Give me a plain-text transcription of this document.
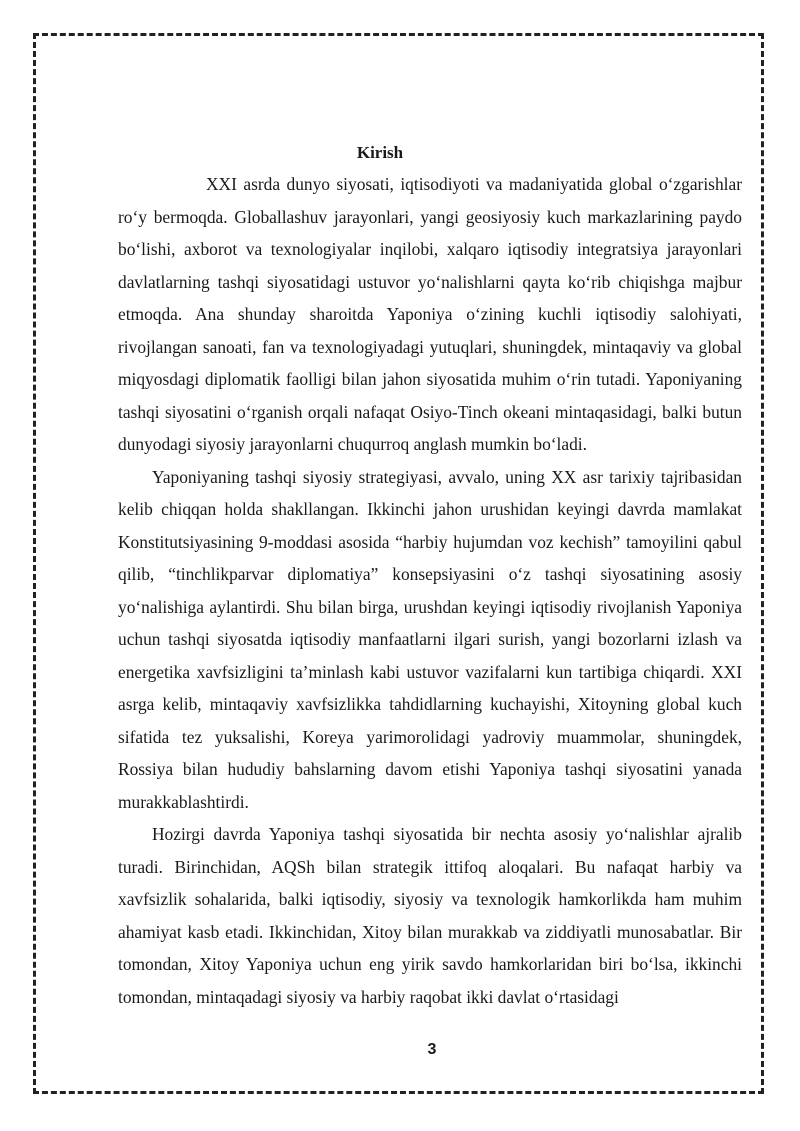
Kirish

XXI asrda dunyo siyosati, iqtisodiyoti va madaniyatida global o‘zgarishlar ro‘y bermoqda. Globallashuv jarayonlari, yangi geosiyosiy kuch markazlarining paydo bo‘lishi, axborot va texnologiyalar inqilobi, xalqaro iqtisodiy integratsiya jarayonlari davlatlarning tashqi siyosatidagi ustuvor yo‘nalishlarni qayta ko‘rib chiqishga majbur etmoqda. Ana shunday sharoitda Yaponiya o‘zining kuchli iqtisodiy salohiyati, rivojlangan sanoati, fan va texnologiyadagi yutuqlari, shuningdek, mintaqaviy va global miqyosdagi diplomatik faolligi bilan jahon siyosatida muhim o‘rin tutadi. Yaponiyaning tashqi siyosatini o‘rganish orqali nafaqat Osiyo-Tinch okeani mintaqasidagi, balki butun dunyodagi siyosiy jarayonlarni chuqurroq anglash mumkin bo‘ladi.

Yaponiyaning tashqi siyosiy strategiyasi, avvalo, uning XX asr tarixiy tajribasidan kelib chiqqan holda shakllangan. Ikkinchi jahon urushidan keyingi davrda mamlakat Konstitutsiyasining 9-moddasi asosida “harbiy hujumdan voz kechish” tamoyilini qabul qilib, “tinchlikparvar diplomatiya” konsepsiyasini o‘z tashqi siyosatining asosiy yo‘nalishiga aylantirdi. Shu bilan birga, urushdan keyingi iqtisodiy rivojlanish Yaponiya uchun tashqi siyosatda iqtisodiy manfaatlarni ilgari surish, yangi bozorlarni izlash va energetika xavfsizligini ta’minlash kabi ustuvor vazifalarni kun tartibiga chiqardi. XXI asrga kelib, mintaqaviy xavfsizlikka tahdidlarning kuchayishi, Xitoyning global kuch sifatida tez yuksalishi, Koreya yarimorolidagi yadroviy muammolar, shuningdek, Rossiya bilan hududiy bahslarning davom etishi Yaponiya tashqi siyosatini yanada murakkablashtirdi.

Hozirgi davrda Yaponiya tashqi siyosatida bir nechta asosiy yo‘nalishlar ajralib turadi. Birinchidan, AQSh bilan strategik ittifoq aloqalari. Bu nafaqat harbiy va xavfsizlik sohalarida, balki iqtisodiy, siyosiy va texnologik hamkorlikda ham muhim ahamiyat kasb etadi. Ikkinchidan, Xitoy bilan murakkab va ziddiyatli munosabatlar. Bir tomondan, Xitoy Yaponiya uchun eng yirik savdo hamkorlaridan biri bo‘lsa, ikkinchi tomondan, mintaqadagi siyosiy va harbiy raqobat ikki davlat o‘rtasidagi

3
